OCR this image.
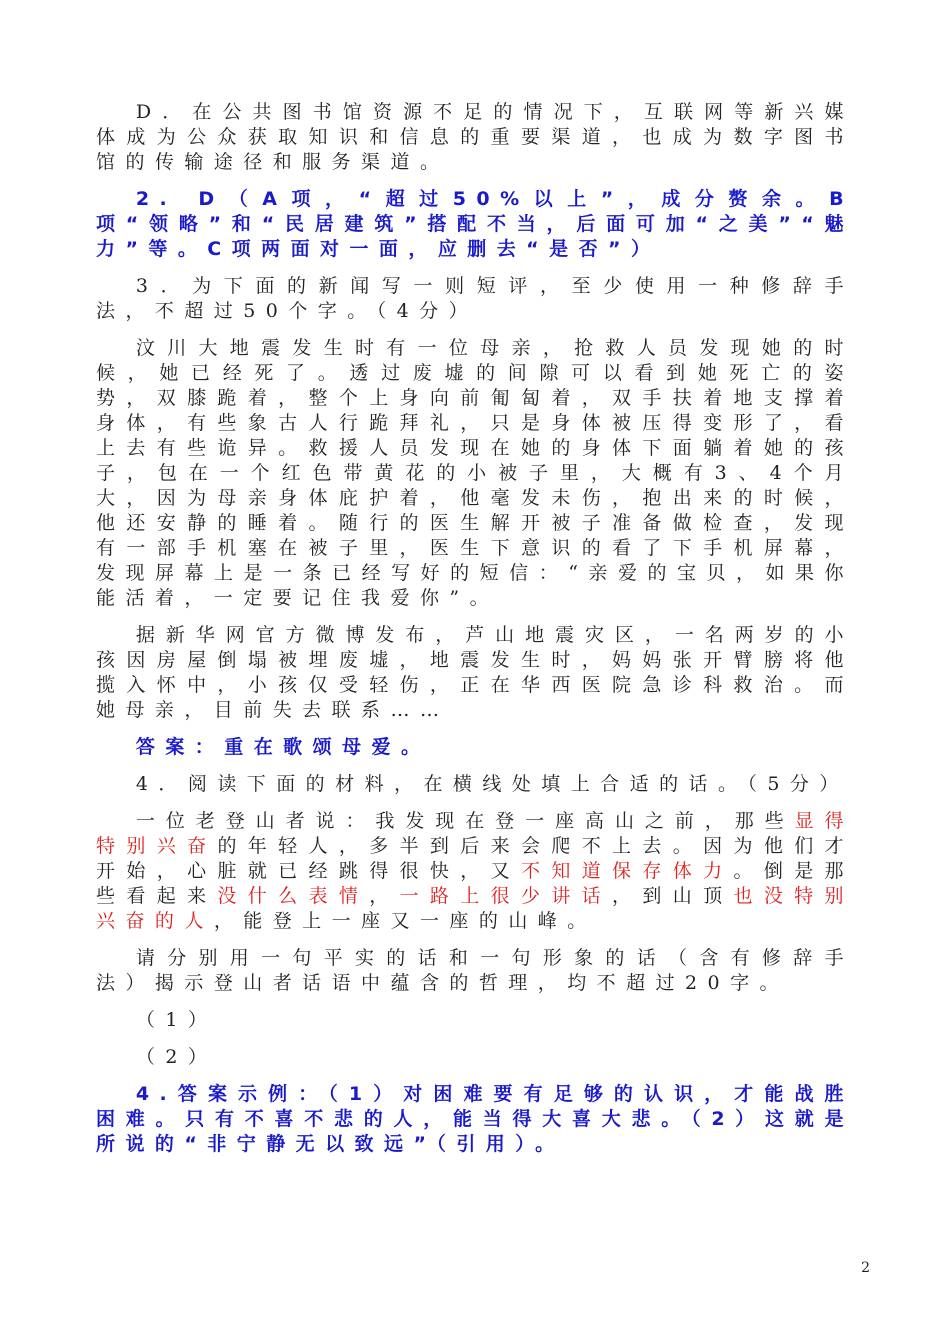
D．在公共图书馆资源不足的情况下，互联网等新兴媒体成为公众获取知识和信息的重要渠道，也成为数字图书馆的传输途径和服务渠道。

2. D（A项，“超过50%以上”，成分赘余。B项“领略”和“民居建筑”搭配不当，后面可加“之美”“魅力”等。C项两面对一面，应删去“是否”）

3．为下面的新闻写一则短评，至少使用一种修辞手法，不超过50个字。（4分）

汶川大地震发生时有一位母亲，抢救人员发现她的时候，她已经死了。透过废墟的间隙可以看到她死亡的姿势，双膝跪着，整个上身向前匍匐着，双手扶着地支撑着身体，有些象古人行跪拜礼，只是身体被压得变形了，看上去有些诡异。救援人员发现在她的身体下面躺着她的孩子，包在一个红色带黄花的小被子里，大概有3、4个月大，因为母亲身体庇护着，他毫发未伤，抱出来的时候，他还安静的睡着。随行的医生解开被子准备做检查，发现有一部手机塞在被子里，医生下意识的看了下手机屏幕，发现屏幕上是一条已经写好的短信：“亲爱的宝贝，如果你能活着，一定要记住我爱你”。

据新华网官方微博发布，芦山地震灾区，一名两岁的小孩因房屋倒塌被埋废墟，地震发生时，妈妈张开臂膀将他揽入怀中，小孩仅受轻伤，正在华西医院急诊科救治。而她母亲，目前失去联系……

答案：重在歌颂母爱。

4．阅读下面的材料，在横线处填上合适的话。（5分）

一位老登山者说：我发现在登一座高山之前，那些显得特别兴奋的年轻人，多半到后来会爬不上去。因为他们才开始，心脏就已经跳得很快，又不知道保存体力。倒是那些看起来没什么表情，一路上很少讲话，到山顶也没特别兴奋的人，能登上一座又一座的山峰。

请分别用一句平实的话和一句形象的话（含有修辞手法）揭示登山者话语中蕴含的哲理，均不超过20字。

（1）

（2）

4.答案示例：（1）对困难要有足够的认识，才能战胜困难。只有不喜不悲的人，能当得大喜大悲。（2）这就是所说的“非宁静无以致远”（引用）。

2
